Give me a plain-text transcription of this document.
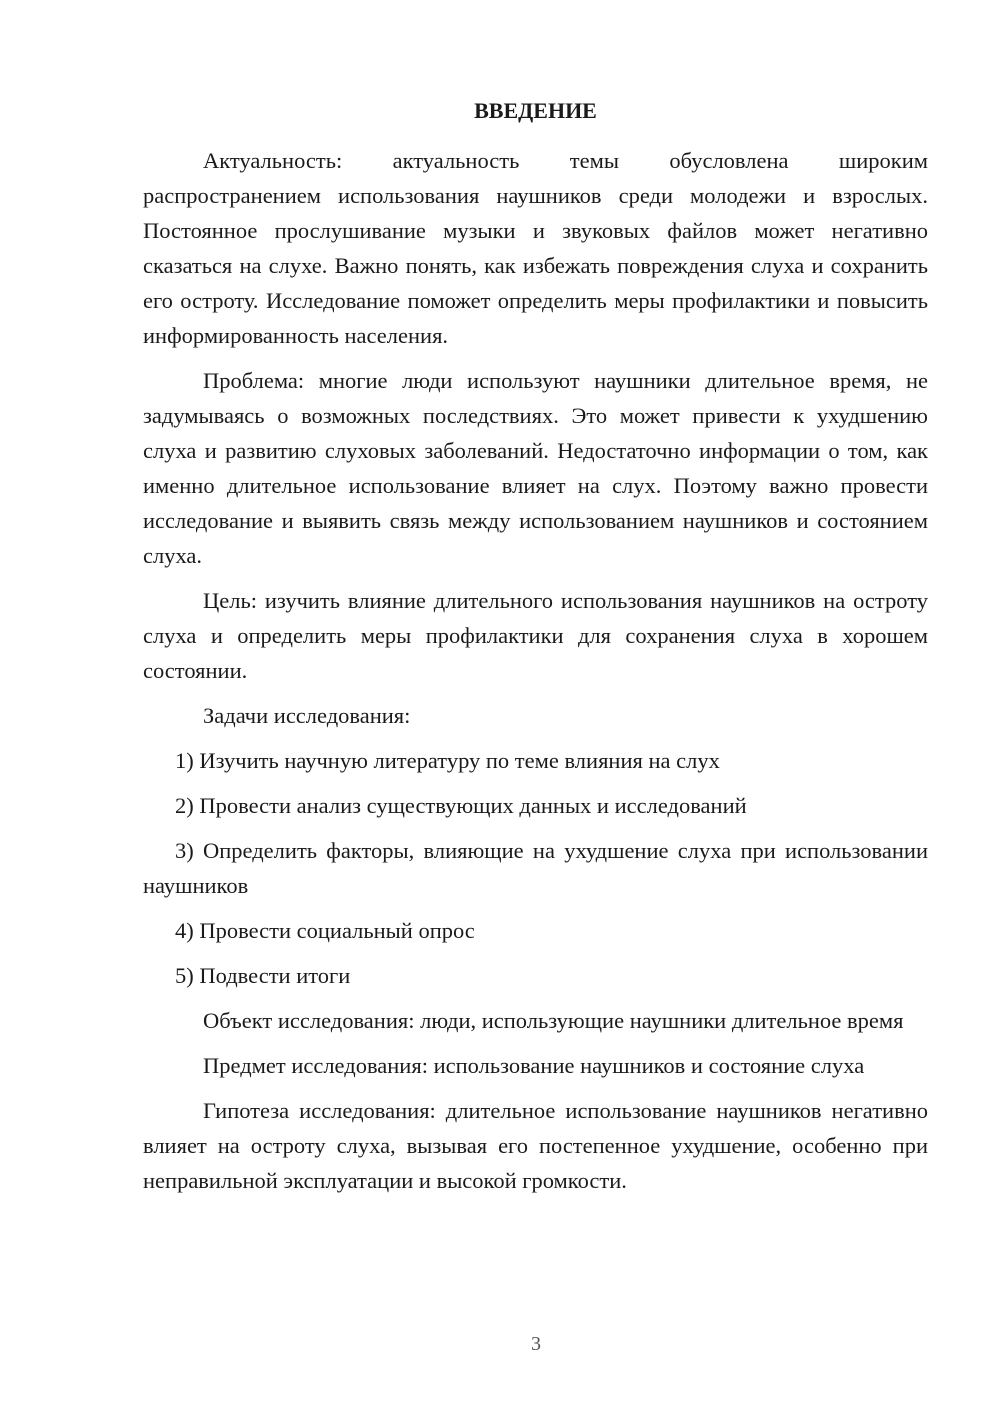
ВВЕДЕНИЕ

Актуальность: актуальность темы обусловлена широким распространением использования наушников среди молодежи и взрослых. Постоянное прослушивание музыки и звуковых файлов может негативно сказаться на слухе. Важно понять, как избежать повреждения слуха и сохранить его остроту. Исследование поможет определить меры профилактики и повысить информированность населения.

Проблема: многие люди используют наушники длительное время, не задумываясь о возможных последствиях. Это может привести к ухудшению слуха и развитию слуховых заболеваний. Недостаточно информации о том, как именно длительное использование влияет на слух. Поэтому важно провести исследование и выявить связь между использованием наушников и состоянием слуха.

Цель: изучить влияние длительного использования наушников на остроту слуха и определить меры профилактики для сохранения слуха в хорошем состоянии.

Задачи исследования:

1) Изучить научную литературу по теме влияния на слух

2) Провести анализ существующих данных и исследований

3) Определить факторы, влияющие на ухудшение слуха при использовании наушников

4) Провести социальный опрос

5) Подвести итоги

Объект исследования: люди, использующие наушники длительное время

Предмет исследования: использование наушников и состояние слуха

Гипотеза исследования: длительное использование наушников негативно влияет на остроту слуха, вызывая его постепенное ухудшение, особенно при неправильной эксплуатации и высокой громкости.

3
